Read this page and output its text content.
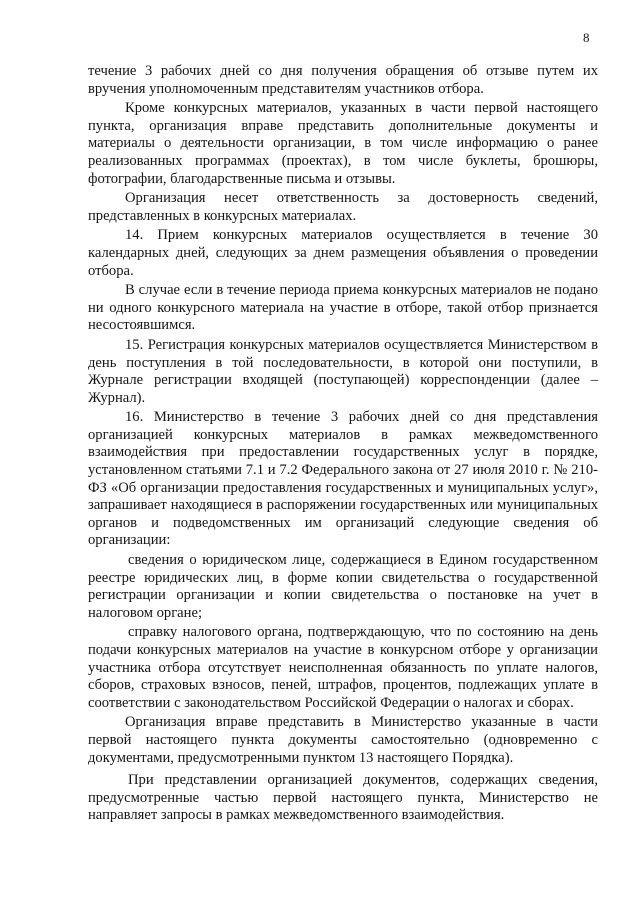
8

течение 3 рабочих дней со дня получения обращения об отзыве путем их вручения уполномоченным представителям участников отбора.

Кроме конкурсных материалов, указанных в части первой настоящего пункта, организация вправе представить дополнительные документы и материалы о деятельности организации, в том числе информацию о ранее реализованных программах (проектах), в том числе буклеты, брошюры, фотографии, благодарственные письма и отзывы.

Организация несет ответственность за достоверность сведений, представленных в конкурсных материалах.

14. Прием конкурсных материалов осуществляется в течение 30 календарных дней, следующих за днем размещения объявления о проведении отбора.

В случае если в течение периода приема конкурсных материалов не подано ни одного конкурсного материала на участие в отборе, такой отбор признается несостоявшимся.

15. Регистрация конкурсных материалов осуществляется Министерством в день поступления в той последовательности, в которой они поступили, в Журнале регистрации входящей (поступающей) корреспонденции (далее – Журнал).

16. Министерство в течение 3 рабочих дней со дня представления организацией конкурсных материалов в рамках межведомственного взаимодействия при предоставлении государственных услуг в порядке, установленном статьями 7.1 и 7.2 Федерального закона от 27 июля 2010 г. № 210-ФЗ «Об организации предоставления государственных и муниципальных услуг», запрашивает находящиеся в распоряжении государственных или муниципальных органов и подведомственных им организаций следующие сведения об организации:

сведения о юридическом лице, содержащиеся в Едином государственном реестре юридических лиц, в форме копии свидетельства о государственной регистрации организации и копии свидетельства о постановке на учет в налоговом органе;

справку налогового органа, подтверждающую, что по состоянию на день подачи конкурсных материалов на участие в конкурсном отборе у организации участника отбора отсутствует неисполненная обязанность по уплате налогов, сборов, страховых взносов, пеней, штрафов, процентов, подлежащих уплате в соответствии с законодательством Российской Федерации о налогах и сборах.

Организация вправе представить в Министерство указанные в части первой настоящего пункта документы самостоятельно (одновременно с документами, предусмотренными пунктом 13 настоящего Порядка).

При представлении организацией документов, содержащих сведения, предусмотренные частью первой настоящего пункта, Министерство не направляет запросы в рамках межведомственного взаимодействия.
